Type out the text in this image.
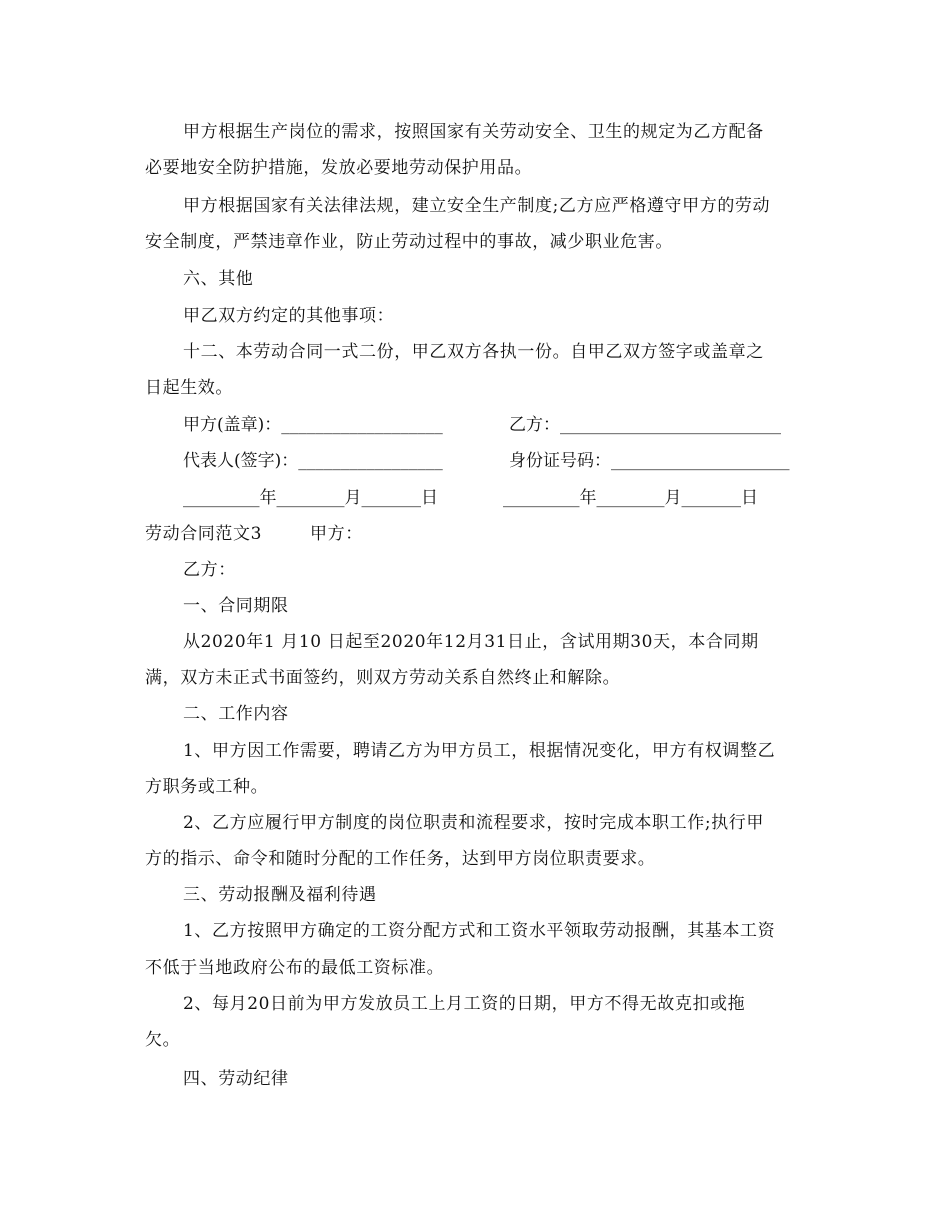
甲方根据生产岗位的需求，按照国家有关劳动安全、卫生的规定为乙方配备
必要地安全防护措施，发放必要地劳动保护用品。
甲方根据国家有关法律法规，建立安全生产制度;乙方应严格遵守甲方的劳动
安全制度，严禁违章作业，防止劳动过程中的事故，减少职业危害。
六、其他
甲乙双方约定的其他事项：
十二、本劳动合同一式二份，甲乙双方各执一份。自甲乙双方签字或盖章之
日起生效。
甲方(盖章)：___________________	乙方：__________________________
代表人(签字)：_________________	身份证号码：_____________________
_________年________月_______日	_________年________月_______日
劳动合同范文3	甲方：
乙方：
一、合同期限
从2020年1 月10 日起至2020年12月31日止，含试用期30天，本合同期
满，双方未正式书面签约，则双方劳动关系自然终止和解除。
二、工作内容
1、甲方因工作需要，聘请乙方为甲方员工，根据情况变化，甲方有权调整乙
方职务或工种。
2、乙方应履行甲方制度的岗位职责和流程要求，按时完成本职工作;执行甲
方的指示、命令和随时分配的工作任务，达到甲方岗位职责要求。
三、劳动报酬及福利待遇
1、乙方按照甲方确定的工资分配方式和工资水平领取劳动报酬，其基本工资
不低于当地政府公布的最低工资标准。
2、每月20日前为甲方发放员工上月工资的日期，甲方不得无故克扣或拖
欠。
四、劳动纪律
